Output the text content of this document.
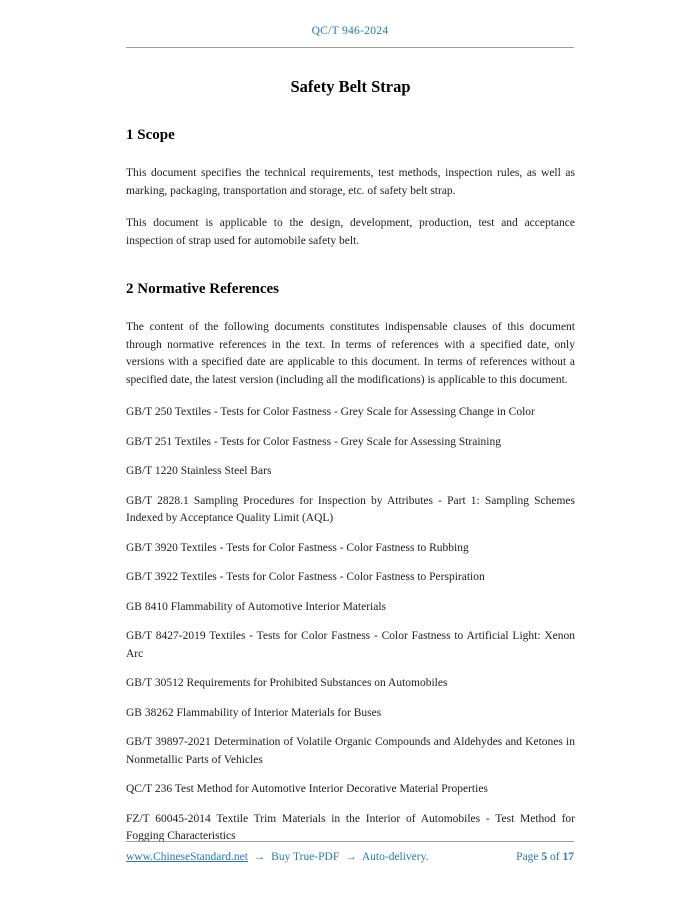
QC/T 946-2024
Safety Belt Strap
1 Scope

This document specifies the technical requirements, test methods, inspection rules, as well as marking, packaging, transportation and storage, etc. of safety belt strap.

This document is applicable to the design, development, production, test and acceptance inspection of strap used for automobile safety belt.

2 Normative References

The content of the following documents constitutes indispensable clauses of this document through normative references in the text. In terms of references with a specified date, only versions with a specified date are applicable to this document. In terms of references without a specified date, the latest version (including all the modifications) is applicable to this document.

GB/T 250 Textiles - Tests for Color Fastness - Grey Scale for Assessing Change in Color

GB/T 251 Textiles - Tests for Color Fastness - Grey Scale for Assessing Straining

GB/T 1220 Stainless Steel Bars

GB/T 2828.1 Sampling Procedures for Inspection by Attributes - Part 1: Sampling Schemes Indexed by Acceptance Quality Limit (AQL)

GB/T 3920 Textiles - Tests for Color Fastness - Color Fastness to Rubbing

GB/T 3922 Textiles - Tests for Color Fastness - Color Fastness to Perspiration

GB 8410 Flammability of Automotive Interior Materials

GB/T 8427-2019 Textiles - Tests for Color Fastness - Color Fastness to Artificial Light: Xenon Arc

GB/T 30512 Requirements for Prohibited Substances on Automobiles

GB 38262 Flammability of Interior Materials for Buses

GB/T 39897-2021 Determination of Volatile Organic Compounds and Aldehydes and Ketones in Nonmetallic Parts of Vehicles

QC/T 236 Test Method for Automotive Interior Decorative Material Properties

FZ/T 60045-2014 Textile Trim Materials in the Interior of Automobiles - Test Method for Fogging Characteristics

www.ChineseStandard.net → Buy True-PDF → Auto-delivery.	Page 5 of 17
